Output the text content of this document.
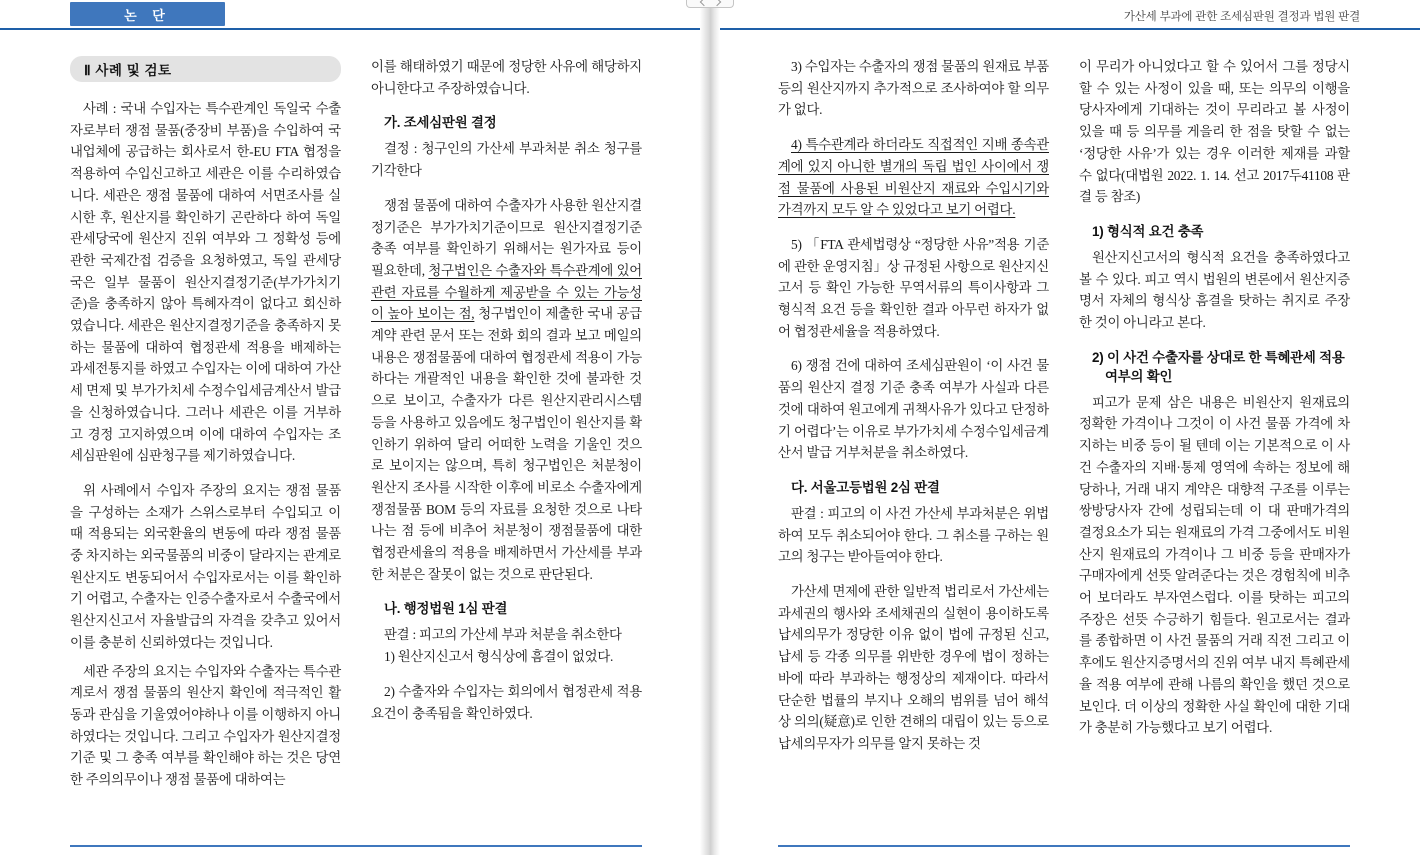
논 단
Ⅱ 사례 및 검토

사례 : 국내 수입자는 특수관계인 독일국 수출자로부터 쟁점 물품(중장비 부품)을 수입하여 국내업체에 공급하는 회사로서 한-EU FTA 협정을 적용하여 수입신고하고 세관은 이를 수리하였습니다. 세관은 쟁점 물품에 대하여 서면조사를 실시한 후, 원산지를 확인하기 곤란하다 하여 독일 관세당국에 원산지 진위 여부와 그 정확성 등에 관한 국제간접 검증을 요청하였고, 독일 관세당국은 일부 물품이 원산지결정기준(부가가치기준)을 충족하지 않아 특혜자격이 없다고 회신하였습니다. 세관은 원산지결정기준을 충족하지 못하는 물품에 대하여 협정관세 적용을 배제하는 과세전통지를 하였고 수입자는 이에 대하여 가산세 면제 및 부가가치세 수정수입세금계산서 발급을 신청하였습니다. 그러나 세관은 이를 거부하고 경정 고지하였으며 이에 대하여 수입자는 조세심판원에 심판청구를 제기하였습니다.

위 사례에서 수입자 주장의 요지는 쟁점 물품을 구성하는 소재가 스위스로부터 수입되고 이 때 적용되는 외국환율의 변동에 따라 쟁점 물품 중 차지하는 외국물품의 비중이 달라지는 관계로 원산지도 변동되어서 수입자로서는 이를 확인하기 어렵고, 수출자는 인증수출자로서 수출국에서 원산지신고서 자율발급의 자격을 갖추고 있어서 이를 충분히 신뢰하였다는 것입니다.

세관 주장의 요지는 수입자와 수출자는 특수관계로서 쟁점 물품의 원산지 확인에 적극적인 활동과 관심을 기울였어야하나 이를 이행하지 아니하였다는 것입니다. 그리고 수입자가 원산지결정기준 및 그 충족 여부를 확인해야 하는 것은 당연한 주의의무이나 쟁점 물품에 대하여는

이를 해태하였기 때문에 정당한 사유에 해당하지 아니한다고 주장하였습니다.

가. 조세심판원 결정

결정 : 청구인의 가산세 부과처분 취소 청구를 기각한다

쟁점 물품에 대하여 수출자가 사용한 원산지결정기준은 부가가치기준이므로 원산지결정기준 충족 여부를 확인하기 위해서는 원가자료 등이 필요한데, 청구법인은 수출자와 특수관계에 있어 관련 자료를 수월하게 제공받을 수 있는 가능성이 높아 보이는 점, 청구법인이 제출한 국내 공급계약 관련 문서 또는 전화 회의 결과 보고 메일의 내용은 쟁점물품에 대하여 협정관세 적용이 가능하다는 개괄적인 내용을 확인한 것에 불과한 것으로 보이고, 수출자가 다른 원산지관리시스템 등을 사용하고 있음에도 청구법인이 원산지를 확인하기 위하여 달리 어떠한 노력을 기울인 것으로 보이지는 않으며, 특히 청구법인은 처분청이 원산지 조사를 시작한 이후에 비로소 수출자에게 쟁점물품 BOM 등의 자료를 요청한 것으로 나타나는 점 등에 비추어 처분청이 쟁점물품에 대한 협정관세율의 적용을 배제하면서 가산세를 부과한 처분은 잘못이 없는 것으로 판단된다.

나. 행정법원 1심 판결

판결 : 피고의 가산세 부과 처분을 취소한다

1) 원산지신고서 형식상에 흠결이 없었다.

2) 수출자와 수입자는 회의에서 협정관세 적용 요건이 충족됨을 확인하였다.

가산세 부과에 관한 조세심판원 결정과 법원 판결

3) 수입자는 수출자의 쟁점 물품의 원재료 부품 등의 원산지까지 추가적으로 조사하여야 할 의무가 없다.

4) 특수관계라 하더라도 직접적인 지배 종속관계에 있지 아니한 별개의 독립 법인 사이에서 쟁점 물품에 사용된 비원산지 재료와 수입시기와 가격까지 모두 알 수 있었다고 보기 어렵다.

5) 「FTA 관세법령상 “정당한 사유”적용 기준에 관한 운영지침」상 규정된 사항으로 원산지신고서 등 확인 가능한 무역서류의 특이사항과 그 형식적 요건 등을 확인한 결과 아무런 하자가 없어 협정관세율을 적용하였다.

6) 쟁점 건에 대하여 조세심판원이 ‘이 사건 물품의 원산지 결정 기준 충족 여부가 사실과 다른 것에 대하여 원고에게 귀책사유가 있다고 단정하기 어렵다’는 이유로 부가가치세 수정수입세금계산서 발급 거부처분을 취소하였다.

다. 서울고등법원 2심 판결

판결 : 피고의 이 사건 가산세 부과처분은 위법하여 모두 취소되어야 한다. 그 취소를 구하는 원고의 청구는 받아들여야 한다.

가산세 면제에 관한 일반적 법리로서 가산세는 과세권의 행사와 조세채권의 실현이 용이하도록 납세의무가 정당한 이유 없이 법에 규정된 신고, 납세 등 각종 의무를 위반한 경우에 법이 정하는 바에 따라 부과하는 행정상의 제재이다. 따라서 단순한 법률의 부지나 오해의 범위를 넘어 해석상 의의(疑意)로 인한 견해의 대립이 있는 등으로 납세의무자가 의무를 알지 못하는 것

이 무리가 아니었다고 할 수 있어서 그를 정당시할 수 있는 사정이 있을 때, 또는 의무의 이행을 당사자에게 기대하는 것이 무리라고 볼 사정이 있을 때 등 의무를 게을리 한 점을 탓할 수 없는 ‘정당한 사유’가 있는 경우 이러한 제재를 과할 수 없다(대법원 2022. 1. 14. 선고 2017두41108 판결 등 참조)

1) 형식적 요건 충족

원산지신고서의 형식적 요건을 충족하였다고 볼 수 있다. 피고 역시 법원의 변론에서 원산지증명서 자체의 형식상 흠결을 탓하는 취지로 주장한 것이 아니라고 본다.

2) 이 사건 수출자를 상대로 한 특혜관세 적용
여부의 확인

피고가 문제 삼은 내용은 비원산지 원재료의 정확한 가격이나 그것이 이 사건 물품 가격에 차지하는 비중 등이 될 텐데 이는 기본적으로 이 사건 수출자의 지배·통제 영역에 속하는 정보에 해당하나, 거래 내지 계약은 대향적 구조를 이루는 쌍방당사자 간에 성립되는데 이 대 판매가격의 결정요소가 되는 원재료의 가격 그중에서도 비원산지 원재료의 가격이나 그 비중 등을 판매자가 구매자에게 선뜻 알려준다는 것은 경험칙에 비추어 보더라도 부자연스럽다. 이를 탓하는 피고의 주장은 선뜻 수긍하기 힘들다. 원고로서는 결과를 종합하면 이 사건 물품의 거래 직전 그리고 이후에도 원산지증명서의 진위 여부 내지 특혜관세율 적용 여부에 관해 나름의 확인을 했던 것으로 보인다. 더 이상의 정확한 사실 확인에 대한 기대가 충분히 가능했다고 보기 어렵다.
